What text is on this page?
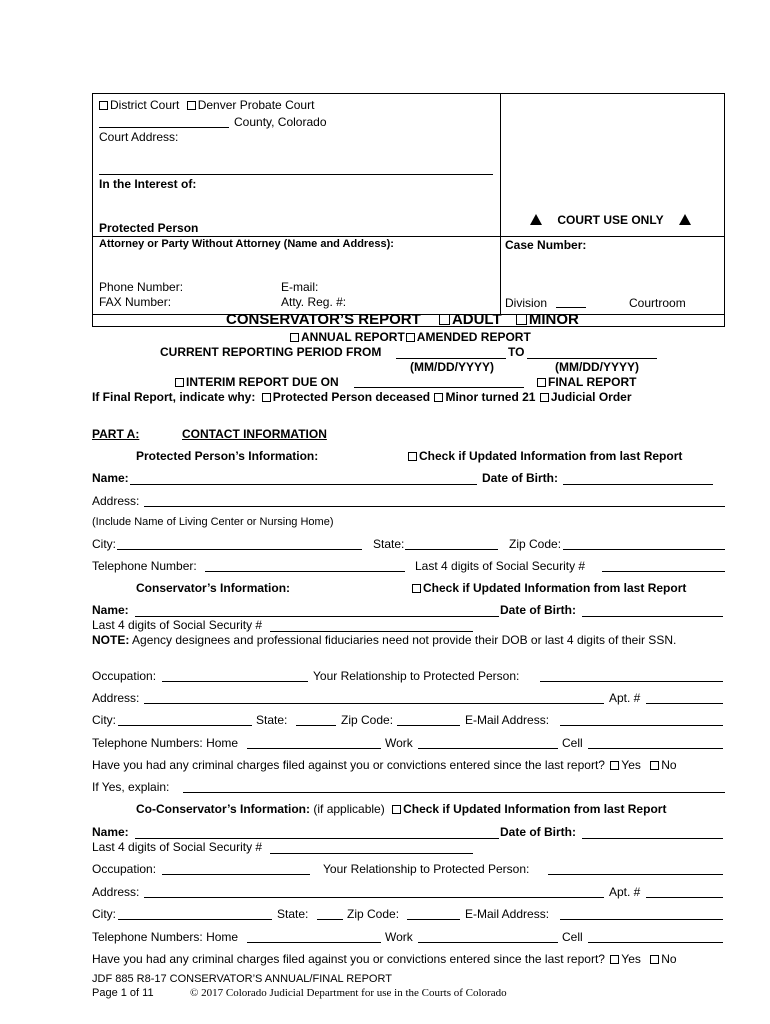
District Court Denver Probate Court
County, Colorado
Court Address:
In the Interest of:
Protected Person
Attorney or Party Without Attorney (Name and Address):
Phone Number:	E-mail:
FAX Number:	Atty. Reg. #:
COURT USE ONLY
Case Number:
Division	Courtroom
CONSERVATOR’S REPORT ADULT MINOR
ANNUAL REPORT AMENDED REPORT
CURRENT REPORTING PERIOD FROM	TO
(MM/DD/YYYY)	(MM/DD/YYYY)
INTERIM REPORT DUE ON	FINAL REPORT
If Final Report, indicate why: Protected Person deceased Minor turned 21 Judicial Order
PART A:	CONTACT INFORMATION
Protected Person’s Information:	Check if Updated Information from last Report
Name:	Date of Birth:
Address:
(Include Name of Living Center or Nursing Home)
City:	State:	Zip Code:
Telephone Number:	Last 4 digits of Social Security #
Conservator’s Information:	Check if Updated Information from last Report
Name:	Date of Birth:
Last 4 digits of Social Security #
NOTE: Agency designees and professional fiduciaries need not provide their DOB or last 4 digits of their SSN.
Occupation:	Your Relationship to Protected Person:
Address:	Apt. #
City:	State:	Zip Code:	E-Mail Address:
Telephone Numbers: Home	Work	Cell
Have you had any criminal charges filed against you or convictions entered since the last report? Yes No
If Yes, explain:
Co-Conservator’s Information: (if applicable) Check if Updated Information from last Report
Name:	Date of Birth:
Last 4 digits of Social Security #
Occupation:	Your Relationship to Protected Person:
Address:	Apt. #
City:	State:	Zip Code:	E-Mail Address:
Telephone Numbers: Home	Work	Cell
Have you had any criminal charges filed against you or convictions entered since the last report? Yes No
JDF 885 R8-17 CONSERVATOR’S ANNUAL/FINAL REPORT
Page 1 of 11	© 2017 Colorado Judicial Department for use in the Courts of Colorado
